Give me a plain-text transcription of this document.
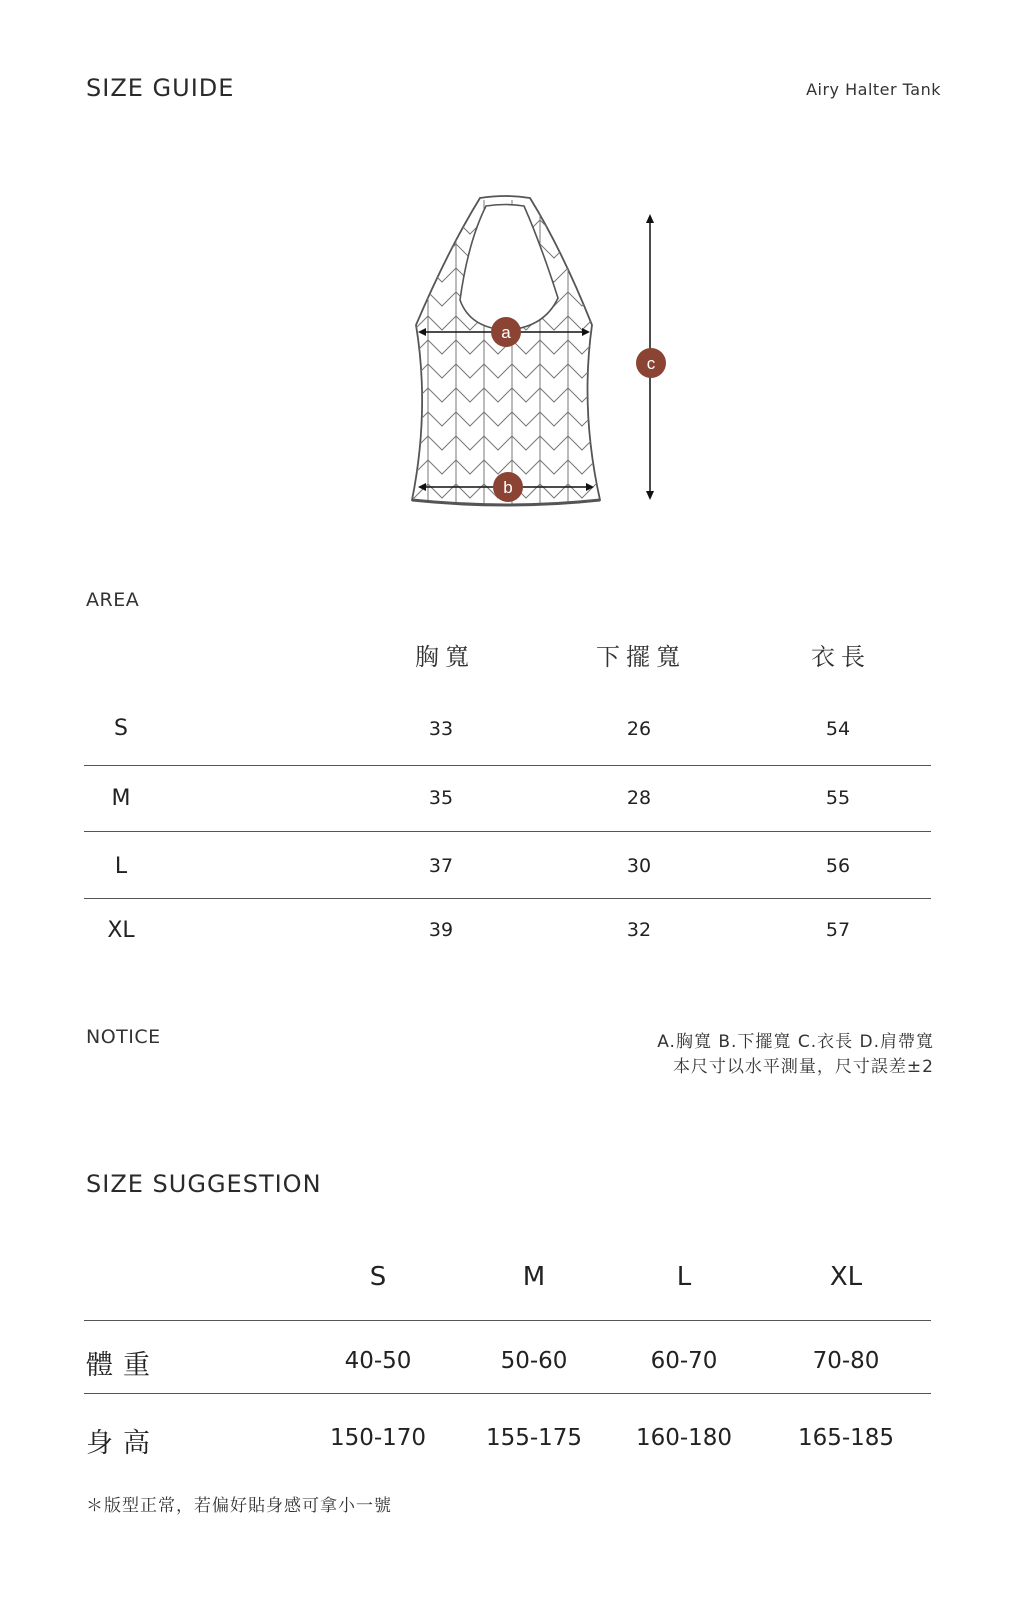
SIZE GUIDE	Airy Halter Tank
a
b
c
AREA
胸寬	下擺寬	衣長
S	33	26	54
M	35	28	55
L	37	30	56
XL	39	32	57
NOTICE	A.胸寬 B.下擺寬 C.衣長 D.肩帶寬
本尺寸以水平測量，尺寸誤差±2
SIZE SUGGESTION
S	M	L	XL
體重	40-50	50-60	60-70	70-80
身高	150-170	155-175 160-180	165-185
＊版型正常，若偏好貼身感可拿小一號
